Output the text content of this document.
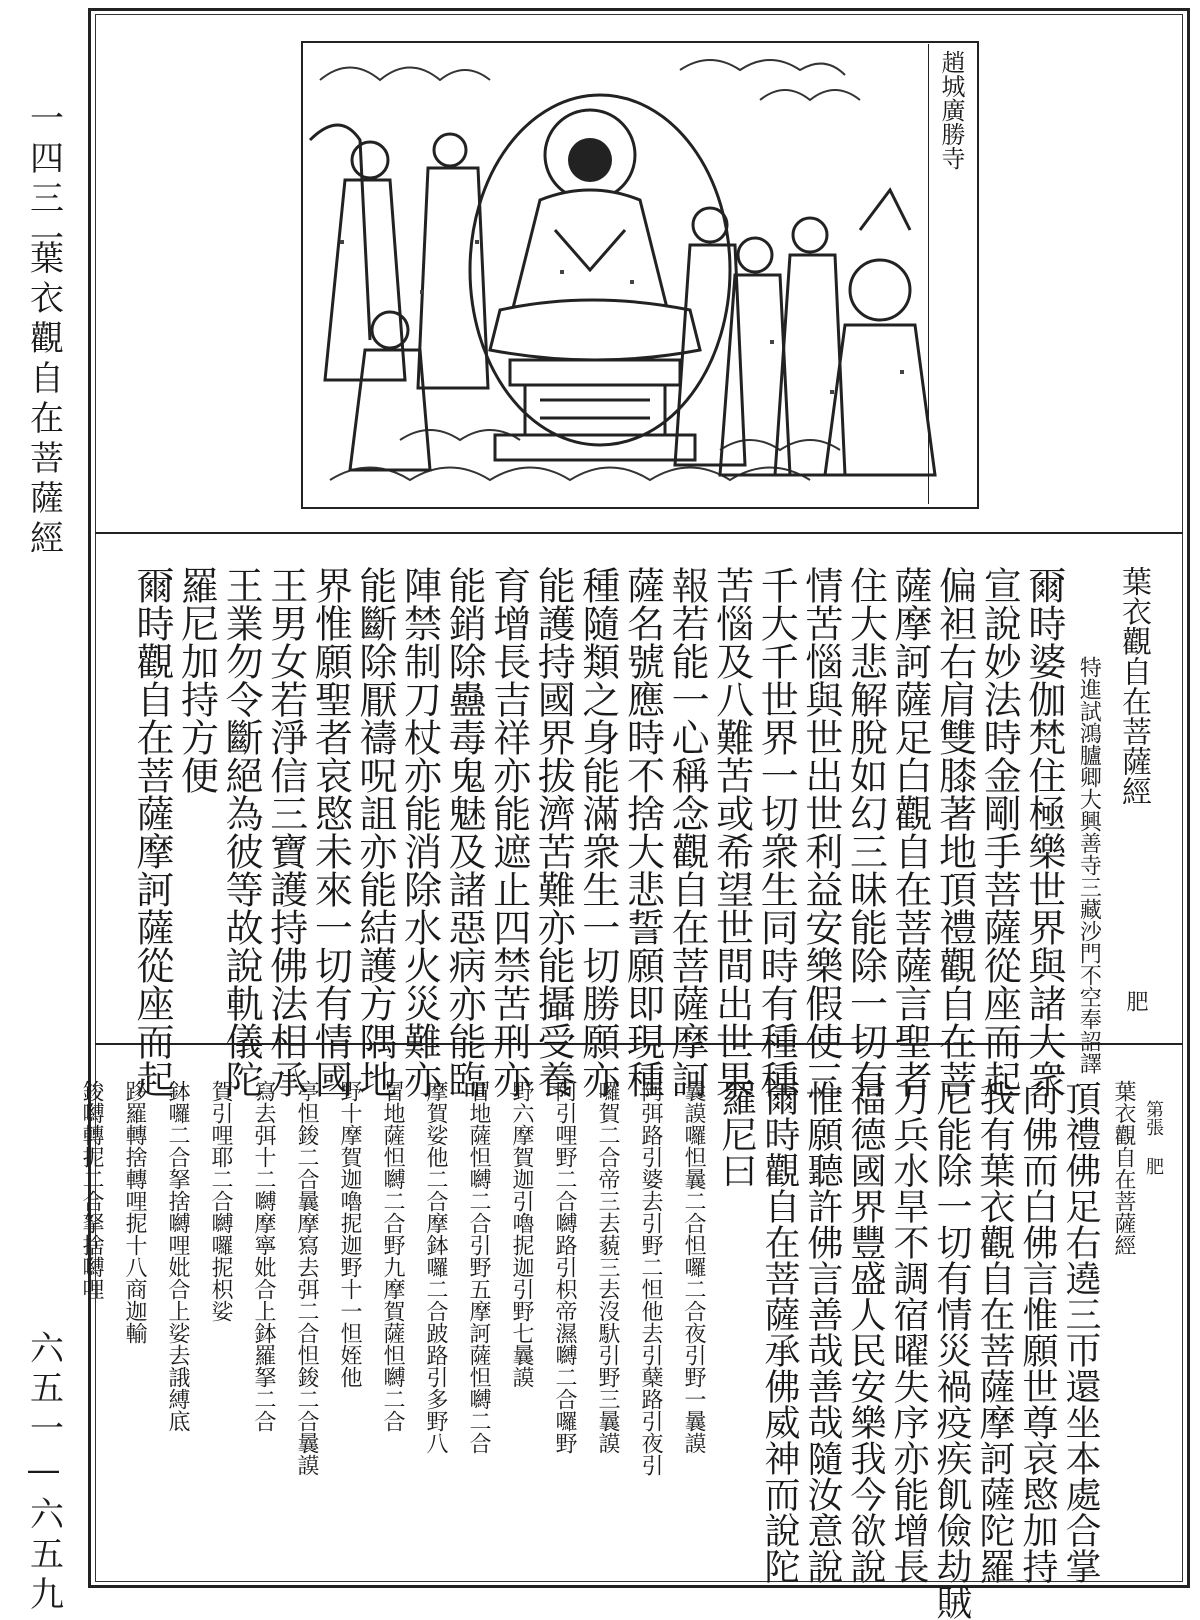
一四三一
葉衣觀自在菩薩經
六五一—六五九
趙城廣勝寺
葉衣觀自在菩薩經
特進試鴻臚卿大興善寺三藏沙門不空奉詔譯
爾時婆伽梵住極樂世界與諸大衆
宣說妙法時金剛手菩薩從座而起
偏袒右肩雙膝著地頂禮觀自在菩
薩摩訶薩足白觀自在菩薩言聖者
住大悲解脫如幻三昧能除一切有
情苦惱與世出世利益安樂假使三
千大千世界一切衆生同時有種種
苦惱及八難苦或希望世間出世果
報若能一心稱念觀自在菩薩摩訶
薩名號應時不捨大悲誓願即現種
種隨類之身能滿衆生一切勝願亦
能護持國界拔濟苦難亦能攝受養
育增長吉祥亦能遮止四禁苦刑亦
能銷除蠱毒鬼魅及諸惡病亦能臨
陣禁制刀杖亦能消除水火災難亦
能斷除厭禱呪詛亦能結護方隅地
界惟願聖者哀愍未來一切有情國
王男女若淨信三寶護持佛法相承
王業勿令斷絕為彼等故說軌儀陀
羅尼加持方便
爾時觀自在菩薩摩訶薩從座而起	肥
葉衣觀自在菩薩經
頂禮佛足右遶三帀還坐本處合掌
向佛而白佛言惟願世尊哀愍加持
我有葉衣觀自在菩薩摩訶薩陀羅
尼能除一切有情災禍疫疾飢儉劫賊
刀兵水旱不調宿曜失序亦能增長
福德國界豐盛人民安樂我今欲說
惟願聽許佛言善哉善哉隨汝意說
爾時觀自在菩薩承佛威神而說陀
羅尼曰
曩謨囉怛曩二合怛囉二合夜引野一曩謨
阿弭路引婆去引野二怛他去引蘖路引夜引
囉賀二合帝三去藐三去沒馱引野三曩謨
阿引哩野二合嚩路引枳帝濕嚩二合囉野
野六摩賀迦引嚕抳迦引野七曩謨
冒地薩怛嚩二合引野五摩訶薩怛嚩二合
摩賀娑他二合摩鉢囉二合跛路引多野八
冒地薩怛嚩二合野九摩賀薩怛嚩二合
野十摩賀迦嚕抳迦野十一怛姪他
亭怛鋑二合曩摩寫去弭二合怛鋑二合曩謨
寫去弭十二嚩摩寧妣合上鉢羅拏二合
賀引哩耶二合嚩囉抳枳娑
鉢囉二合拏捨嚩哩妣合上娑去誐縛底
跢羅轉捨轉哩抳十八商迦輸
鋑嚩轉抳二合拏捨嚩哩	第張 肥
